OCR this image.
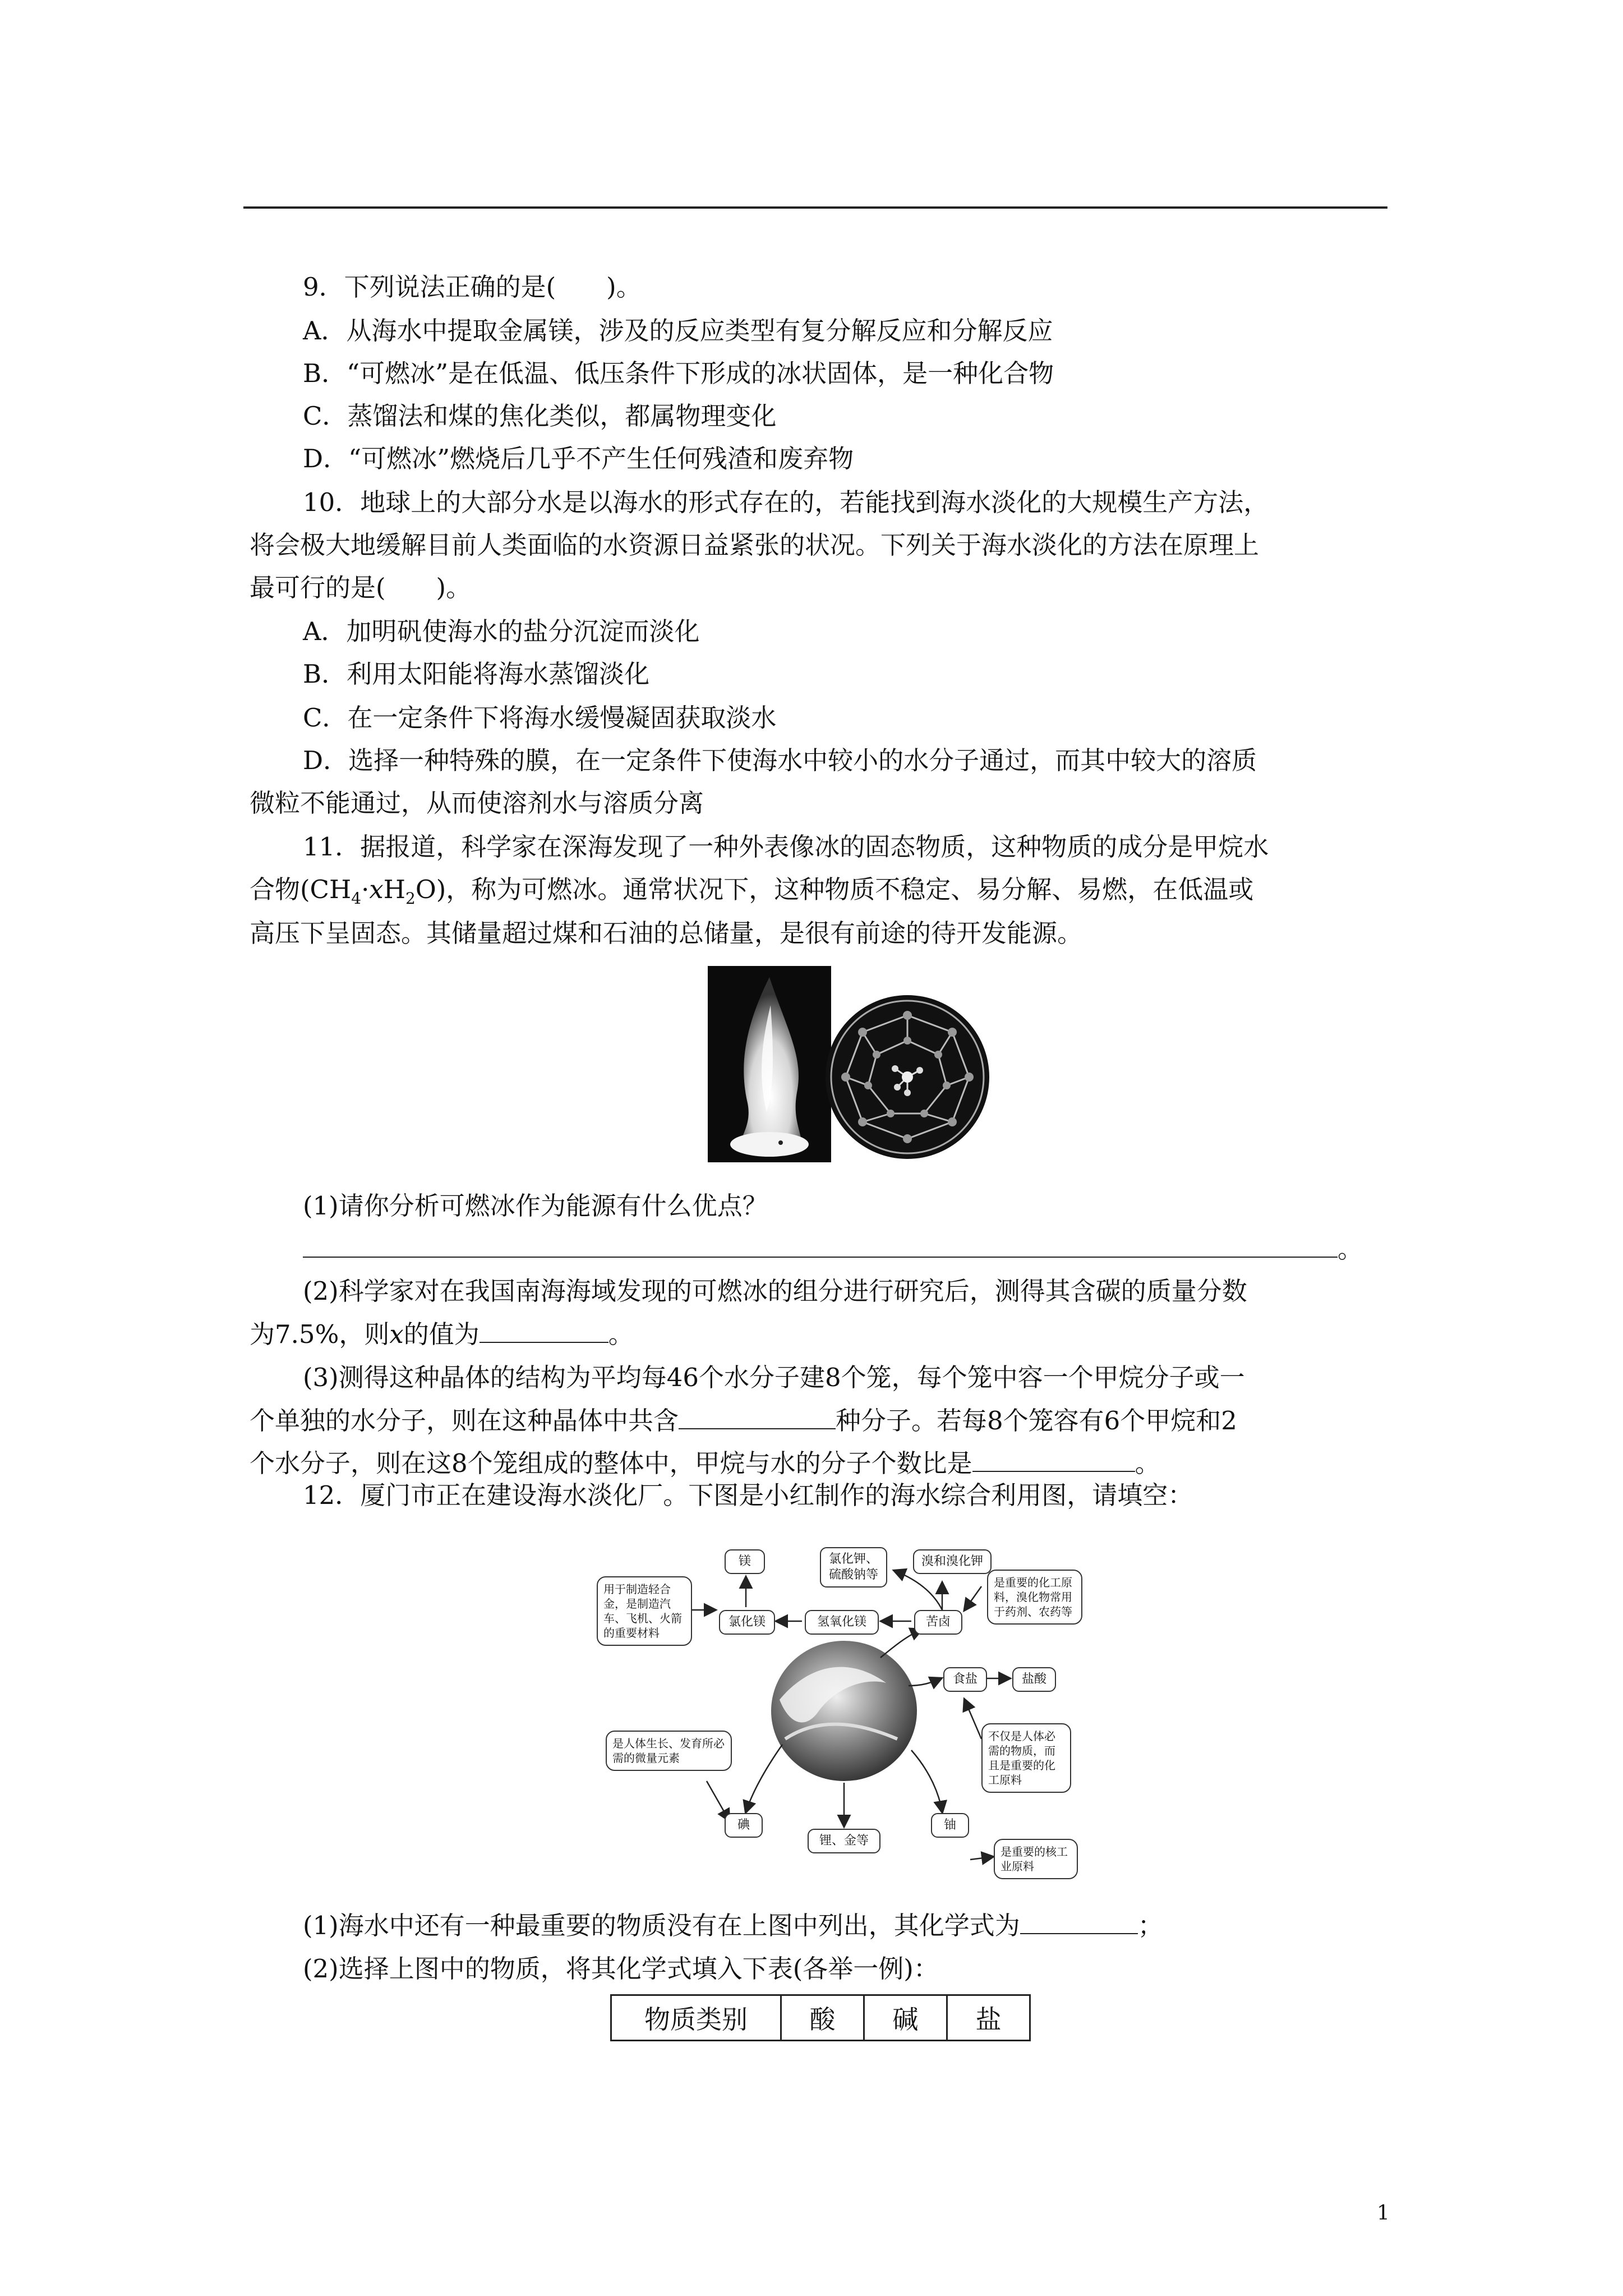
9．下列说法正确的是(　　)。
A．从海水中提取金属镁，涉及的反应类型有复分解反应和分解反应
B．“可燃冰”是在低温、低压条件下形成的冰状固体，是一种化合物
C．蒸馏法和煤的焦化类似，都属物理变化
D．“可燃冰”燃烧后几乎不产生任何残渣和废弃物
10．地球上的大部分水是以海水的形式存在的，若能找到海水淡化的大规模生产方法，
将会极大地缓解目前人类面临的水资源日益紧张的状况。下列关于海水淡化的方法在原理上
最可行的是(　　)。
A．加明矾使海水的盐分沉淀而淡化
B．利用太阳能将海水蒸馏淡化
C．在一定条件下将海水缓慢凝固获取淡水
D．选择一种特殊的膜，在一定条件下使海水中较小的水分子通过，而其中较大的溶质
微粒不能通过，从而使溶剂水与溶质分离
11．据报道，科学家在深海发现了一种外表像冰的固态物质，这种物质的成分是甲烷水
合物$(CH_4\cdot xH_2O)$，称为可燃冰。通常状况下，这种物质不稳定、易分解、易燃，在低温或
高压下呈固态。其储量超过煤和石油的总储量，是很有前途的待开发能源。
(1)请你分析可燃冰作为能源有什么优点？
。
(2)科学家对在我国南海海域发现的可燃冰的组分进行研究后，测得其含碳的质量分数
为7.5%，则x的值为	。
(3)测得这种晶体的结构为平均每46个水分子建8个笼，每个笼中容一个甲烷分子或一
个单独的水分子，则在这种晶体中共含	种分子。若每8个笼容有6个甲烷和2
个水分子，则在这8个笼组成的整体中，甲烷与水的分子个数比是	。
12．厦门市正在建设海水淡化厂。下图是小红制作的海水综合利用图，请填空：
镁	氯化钾、硫酸钠等
溴和溴化钾
氯化镁	氢氧化镁	苦卤
食盐	盐酸
碘
锂、金等
铀
用于制造轻合金，是制造汽车、飞机、火箭的重要材料
是重要的化工原料，溴化物常用于药剂、农药等
不仅是人体必需的物质，而且是重要的化工原料
是人体生长、发育所必需的微量元素
是重要的核工业原料
(1)海水中还有一种最重要的物质没有在上图中列出，其化学式为	；
(2)选择上图中的物质，将其化学式填入下表(各举一例)：
物质类别	酸	碱	盐
1
